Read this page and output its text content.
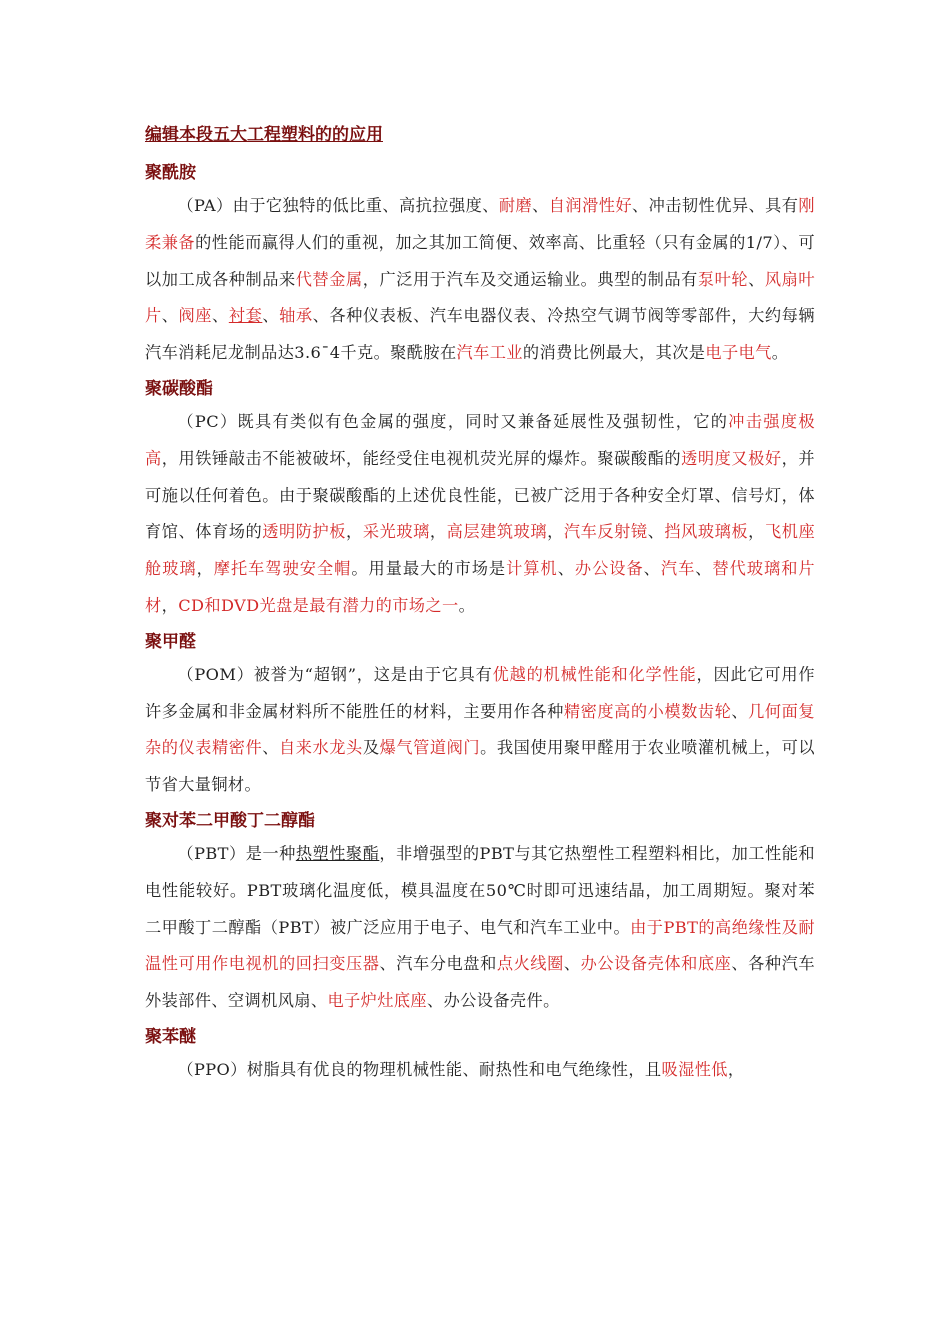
编辑本段五大工程塑料的的应用
聚酰胺

（PA）由于它独特的低比重、高抗拉强度、耐磨、自润滑性好、冲击韧性优异、具有刚柔兼备的性能而赢得人们的重视，加之其加工简便、效率高、比重轻（只有金属的1/7）、可以加工成各种制品来代替金属，广泛用于汽车及交通运输业。典型的制品有泵叶轮、风扇叶片、阀座、衬套、轴承、各种仪表板、汽车电器仪表、冷热空气调节阀等零部件，大约每辆汽车消耗尼龙制品达3.6¯4千克。聚酰胺在汽车工业的消费比例最大，其次是电子电气。

聚碳酸酯

（PC）既具有类似有色金属的强度，同时又兼备延展性及强韧性，它的冲击强度极高，用铁锤敲击不能被破坏，能经受住电视机荧光屏的爆炸。聚碳酸酯的透明度又极好，并可施以任何着色。由于聚碳酸酯的上述优良性能，已被广泛用于各种安全灯罩、信号灯，体育馆、体育场的透明防护板，采光玻璃，高层建筑玻璃，汽车反射镜、挡风玻璃板，飞机座舱玻璃，摩托车驾驶安全帽。用量最大的市场是计算机、办公设备、汽车、替代玻璃和片材，CD和DVD光盘是最有潜力的市场之一。

聚甲醛

（POM）被誉为“超钢”，这是由于它具有优越的机械性能和化学性能，因此它可用作许多金属和非金属材料所不能胜任的材料，主要用作各种精密度高的小模数齿轮、几何面复杂的仪表精密件、自来水龙头及爆气管道阀门。我国使用聚甲醛用于农业喷灌机械上，可以节省大量铜材。

聚对苯二甲酸丁二醇酯

（PBT）是一种热塑性聚酯，非增强型的PBT与其它热塑性工程塑料相比，加工性能和电性能较好。PBT玻璃化温度低，模具温度在50℃时即可迅速结晶，加工周期短。聚对苯二甲酸丁二醇酯（PBT）被广泛应用于电子、电气和汽车工业中。由于PBT的高绝缘性及耐温性可用作电视机的回扫变压器、汽车分电盘和点火线圈、办公设备壳体和底座、各种汽车外装部件、空调机风扇、电子炉灶底座、办公设备壳件。

聚苯醚

（PPO）树脂具有优良的物理机械性能、耐热性和电气绝缘性，且吸湿性低，
